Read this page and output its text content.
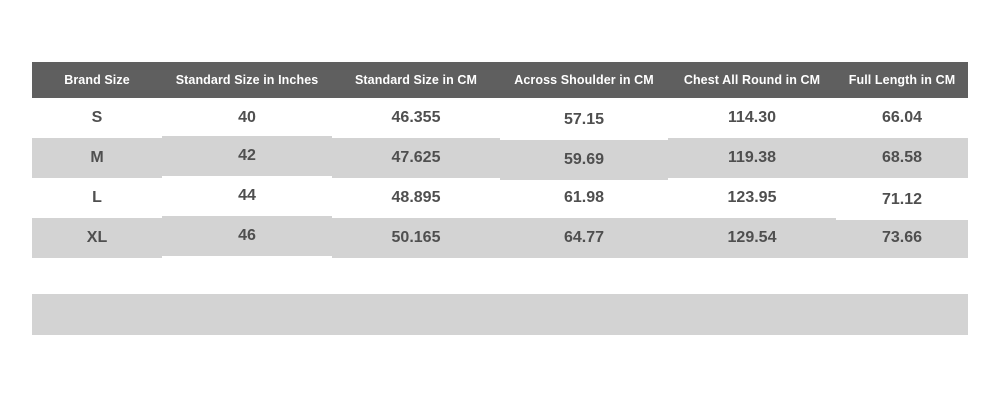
Brand Size	Standard Size in Inches	Standard Size in CM	Across Shoulder in CM	Chest All Round in CM	Full Length in CM
S	40	46.355	57.15	114.30	66.04
M	42	47.625	59.69	119.38	68.58
L	44	48.895	61.98	123.95	71.12
XL	46	50.165	64.77	129.54	73.66
